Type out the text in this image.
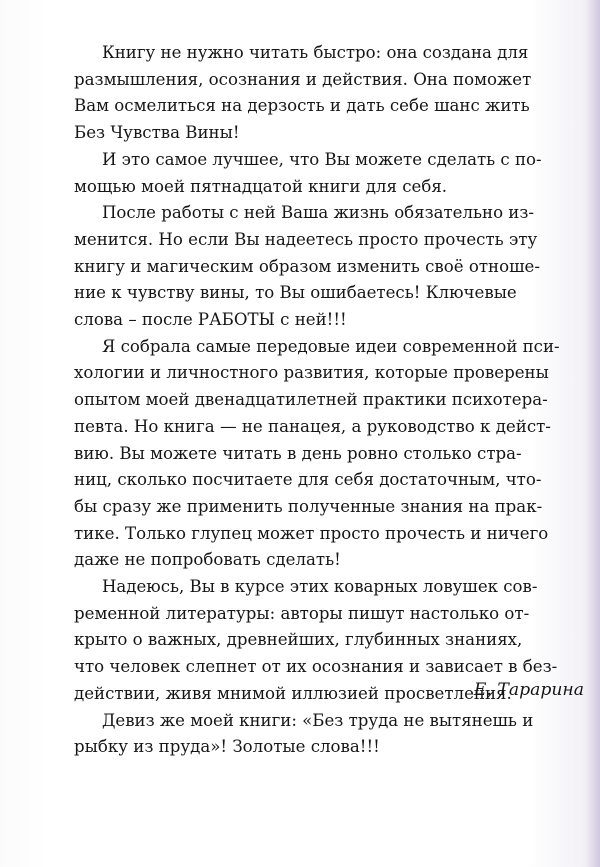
Книгу не нужно читать быстро: она создана для
размышления, осознания и действия. Она поможет
Вам осмелиться на дерзость и дать себе шанс жить
Без Чувства Вины!
И это самое лучшее, что Вы можете сделать с по-
мощью моей пятнадцатой книги для себя.
После работы с ней Ваша жизнь обязательно из-
менится. Но если Вы надеетесь просто прочесть эту
книгу и магическим образом изменить своё отноше-
ние к чувству вины, то Вы ошибаетесь! Ключевые
слова – после РАБОТЫ с ней!!!
Я собрала самые передовые идеи современной пси-
хологии и личностного развития, которые проверены
опытом моей двенадцатилетней практики психотера-
певта. Но книга — не панацея, а руководство к дейст-
вию. Вы можете читать в день ровно столько стра-
ниц, сколько посчитаете для себя достаточным, что-
бы сразу же применить полученные знания на прак-
тике. Только глупец может просто прочесть и ничего
даже не попробовать сделать!
Надеюсь, Вы в курсе этих коварных ловушек сов-
ременной литературы: авторы пишут настолько от-
крыто о важных, древнейших, глубинных знаниях,
что человек слепнет от их осознания и зависает в без-
действии, живя мнимой иллюзией просветления.
Девиз же моей книги: «Без труда не вытянешь и
рыбку из пруда»! Золотые слова!!!
Е. Тарарина
